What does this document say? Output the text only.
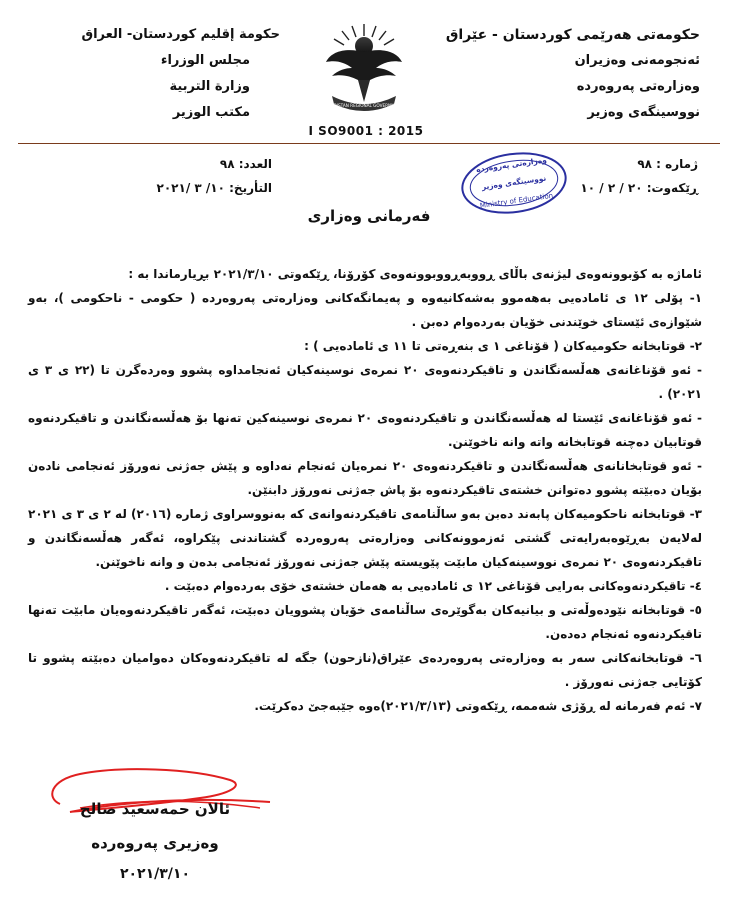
حکومەتی هەرێمی کوردستان - عێراق
ئەنجومەنی وەزیران
وەزارەتی پەروەردە
نووسینگەی وەزیر
حكومة إقليم كوردستان- العراق
مجلس الوزراء
وزارة التربية
مكتب الوزير	KURDISTAN REGIONAL GOVERNMENT
I SO9001 : 2015
ژمارە : ٩٨
ڕێکەوت: ٢٠ / ٢ / ١٠
العدد: ٩٨
التأريخ: ١٠/ ٣ /٢٠٢١
وەزارەتی پەروەردە
نووسینگەی وەزیر
Ministry of Education
فەرمانی وەزاری

ئاماژە بە کۆبوونەوەی لیژنەی باڵای ڕووبەڕووبوونەوەی کۆرۆنا، ڕێکەوتی ٢٠٢١/٣/١٠ بڕیارماندا بە :

١- پۆلی ١٢ ی ئامادەیی بەهەموو بەشەکانیەوە و پەیمانگەکانی وەزارەتی پەروەردە ( حکومی - ناحکومی )، بەو شێوازەی ئێستای خوێندنی خۆیان بەردەوام دەبن .

٢- قوتابخانە حکومیەکان ( قۆناغی ١ ی بنەڕەتی تا ١١ ی ئامادەیی ) :

- ئەو قۆناغانەی هەڵسەنگاندن و تاقیکردنەوەی ٢٠ نمرەی نوسینەکیان ئەنجامداوە پشوو وەردەگرن تا (٢٢ ی ٣ ی ٢٠٢١) .

- ئەو قۆناغانەی ئێستا لە هەڵسەنگاندن و تاقیکردنەوەی ٢٠ نمرەی نوسینەکین تەنها بۆ هەڵسەنگاندن و تاقیکردنەوە قوتابیان دەچنە قوتابخانە واتە وانە ناخوێنن.

- ئەو قوتابخانانەی هەڵسەنگاندن و تاقیکردنەوەی ٢٠ نمرەیان ئەنجام نەداوە و پێش جەژنی نەورۆز ئەنجامی نادەن بۆیان دەبێتە پشوو دەتوانن خشتەی تاقیکردنەوە بۆ پاش جەژنی نەورۆز دابنێن.

٣- قوتابخانە ناحکومیەکان پابەند دەبن بەو ساڵنامەی تاقیکردنەوانەی کە بەنووسراوی ژمارە (٢٠١٦) لە ٢ ی ٣ ی ٢٠٢١ لەلایەن بەڕێوەبەرایەتی گشتی ئەزموونەکانی وەزارەتی پەروەردە گشتاندنی پێکراوە، ئەگەر هەڵسەنگاندن و تاقیکردنەوەی ٢٠ نمرەی نووسینەکیان مابێت پێویستە پێش جەژنی نەورۆز ئەنجامی بدەن و وانە ناخوێنن.

٤- تاقیکردنەوەکانی بەرایی قۆناغی ١٢ ی ئامادەیی بە هەمان خشتەی خۆی بەردەوام دەبێت .

٥- قوتابخانە نێودەوڵەتی و بیانیەکان بەگوێرەی ساڵنامەی خۆیان پشوویان دەبێت، ئەگەر تاقیکردنەوەیان مابێت تەنها تاقیکردنەوە ئەنجام دەدەن.

٦- قوتابخانەکانی سەر بە وەزارەتی پەروەردەی عێراق(نازحون) جگە لە تاقیکردنەوەکان دەوامیان دەبێتە پشوو تا کۆتایی جەژنی نەورۆز .

٧- ئەم فەرمانە لە ڕۆژی شەممە، ڕێکەوتی (٢٠٢١/٣/١٣)ەوە جێبەجێ دەکرێت.

ئالان حمەسعید صالح
وەزیری پەروەردە
٢٠٢١/٣/١٠
